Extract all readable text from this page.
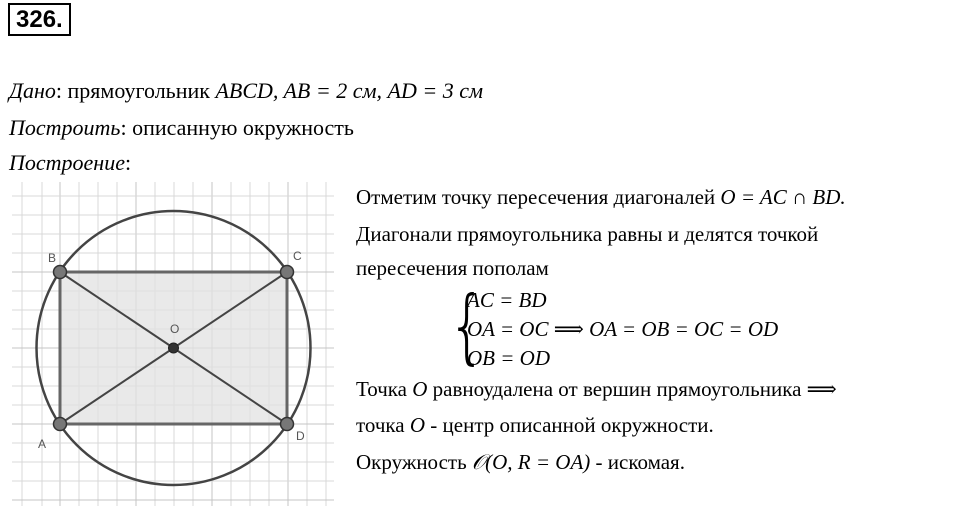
326.
Дано: прямоугольник ABCD, AB = 2 см, AD = 3 см
Построить: описанную окружность
Построение:
A
B	C
D
O
Отметим точку пересечения диагоналей O = AC ∩ BD.
Диагонали прямоугольника равны и делятся точкой
пересечения пополам
{
AC = BD
OA = OC ⟹ OA = OB = OC = OD
OB = OD
Точка O равноудалена от вершин прямоугольника ⟹
точка O - центр описанной окружности.
Окружность 𝒪(O, R = OA) - искомая.
